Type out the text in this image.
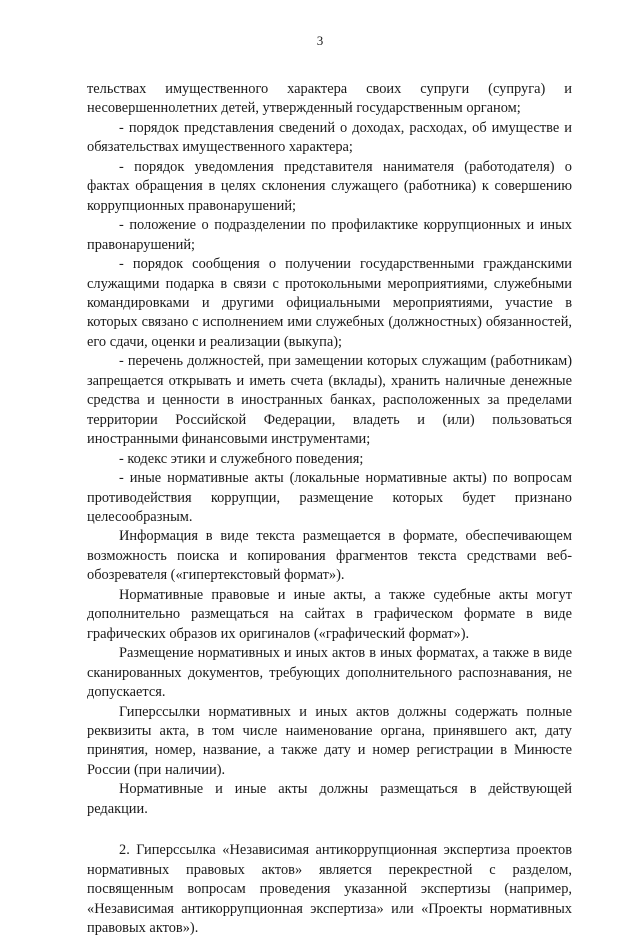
3

тельствах имущественного характера своих супруги (супруга) и несовершеннолетних детей, утвержденный государственным органом;

- порядок представления сведений о доходах, расходах, об имуществе и обязательствах имущественного характера;

- порядок уведомления представителя нанимателя (работодателя) о фактах обращения в целях склонения служащего (работника) к совершению коррупционных правонарушений;

- положение о подразделении по профилактике коррупционных и иных правонарушений;

- порядок сообщения о получении государственными гражданскими служащими подарка в связи с протокольными мероприятиями, служебными командировками и другими официальными мероприятиями, участие в которых связано с исполнением ими служебных (должностных) обязанностей, его сдачи, оценки и реализации (выкупа);

- перечень должностей, при замещении которых служащим (работникам) запрещается открывать и иметь счета (вклады), хранить наличные денежные средства и ценности в иностранных банках, расположенных за пределами территории Российской Федерации, владеть и (или) пользоваться иностранными финансовыми инструментами;

- кодекс этики и служебного поведения;

- иные нормативные акты (локальные нормативные акты) по вопросам противодействия коррупции, размещение которых будет признано целесообразным.

Информация в виде текста размещается в формате, обеспечивающем возможность поиска и копирования фрагментов текста средствами веб-обозревателя («гипертекстовый формат»).

Нормативные правовые и иные акты, а также судебные акты могут дополнительно размещаться на сайтах в графическом формате в виде графических образов их оригиналов («графический формат»).

Размещение нормативных и иных актов в иных форматах, а также в виде сканированных документов, требующих дополнительного распознавания, не допускается.

Гиперссылки нормативных и иных актов должны содержать полные реквизиты акта, в том числе наименование органа, принявшего акт, дату принятия, номер, название, а также дату и номер регистрации в Минюсте России (при наличии).

Нормативные и иные акты должны размещаться в действующей редакции.

2. Гиперссылка «Независимая антикоррупционная экспертиза проектов нормативных правовых актов» является перекрестной с разделом, посвященным вопросам проведения указанной экспертизы (например, «Независимая антикоррупционная экспертиза» или «Проекты нормативных правовых актов»).
